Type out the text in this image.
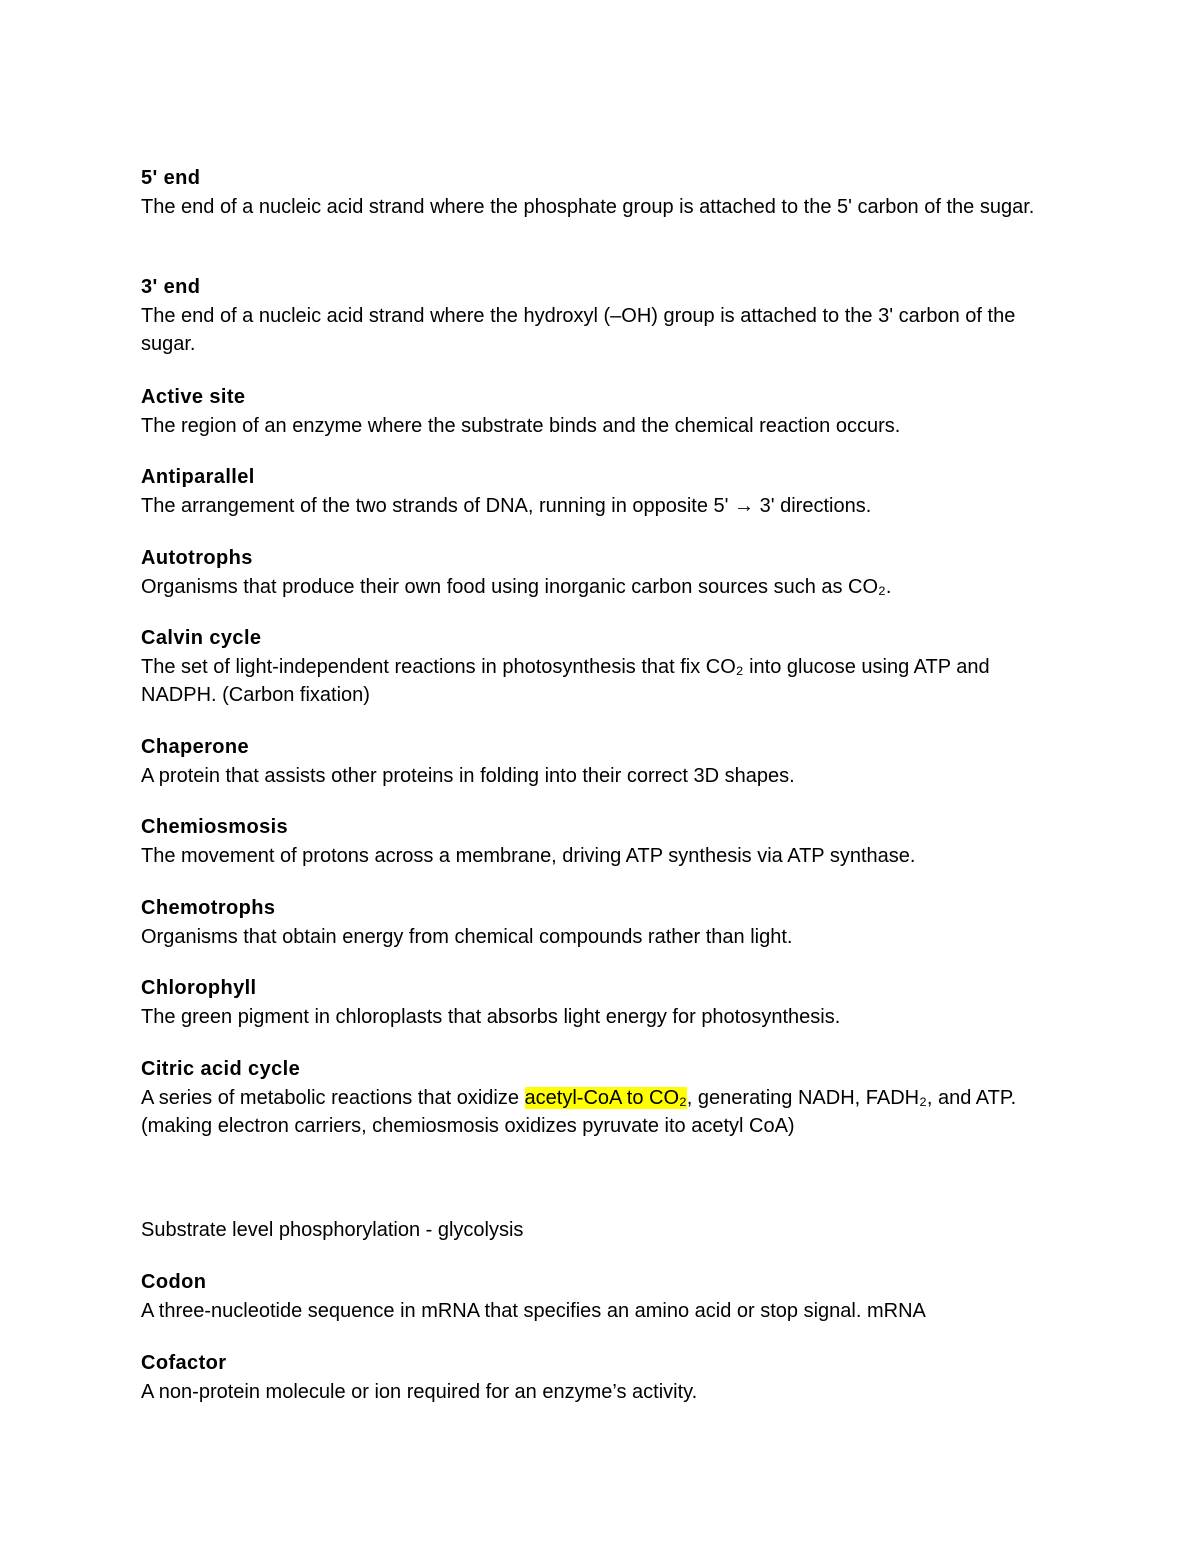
5' end
The end of a nucleic acid strand where the phosphate group is attached to the 5' carbon of the sugar.
3' end
The end of a nucleic acid strand where the hydroxyl (–OH) group is attached to the 3' carbon of the sugar.
Active site
The region of an enzyme where the substrate binds and the chemical reaction occurs.
Antiparallel
The arrangement of the two strands of DNA, running in opposite 5' → 3' directions.
Autotrophs
Organisms that produce their own food using inorganic carbon sources such as CO₂.
Calvin cycle
The set of light-independent reactions in photosynthesis that fix CO₂ into glucose using ATP and NADPH. (Carbon fixation)
Chaperone
A protein that assists other proteins in folding into their correct 3D shapes.
Chemiosmosis
The movement of protons across a membrane, driving ATP synthesis via ATP synthase.
Chemotrophs
Organisms that obtain energy from chemical compounds rather than light.
Chlorophyll
The green pigment in chloroplasts that absorbs light energy for photosynthesis.
Citric acid cycle
A series of metabolic reactions that oxidize acetyl-CoA to CO₂, generating NADH, FADH₂, and ATP. (making electron carriers, chemiosmosis oxidizes pyruvate ito acetyl CoA)
Substrate level phosphorylation - glycolysis
Codon
A three-nucleotide sequence in mRNA that specifies an amino acid or stop signal. mRNA
Cofactor
A non-protein molecule or ion required for an enzyme’s activity.
